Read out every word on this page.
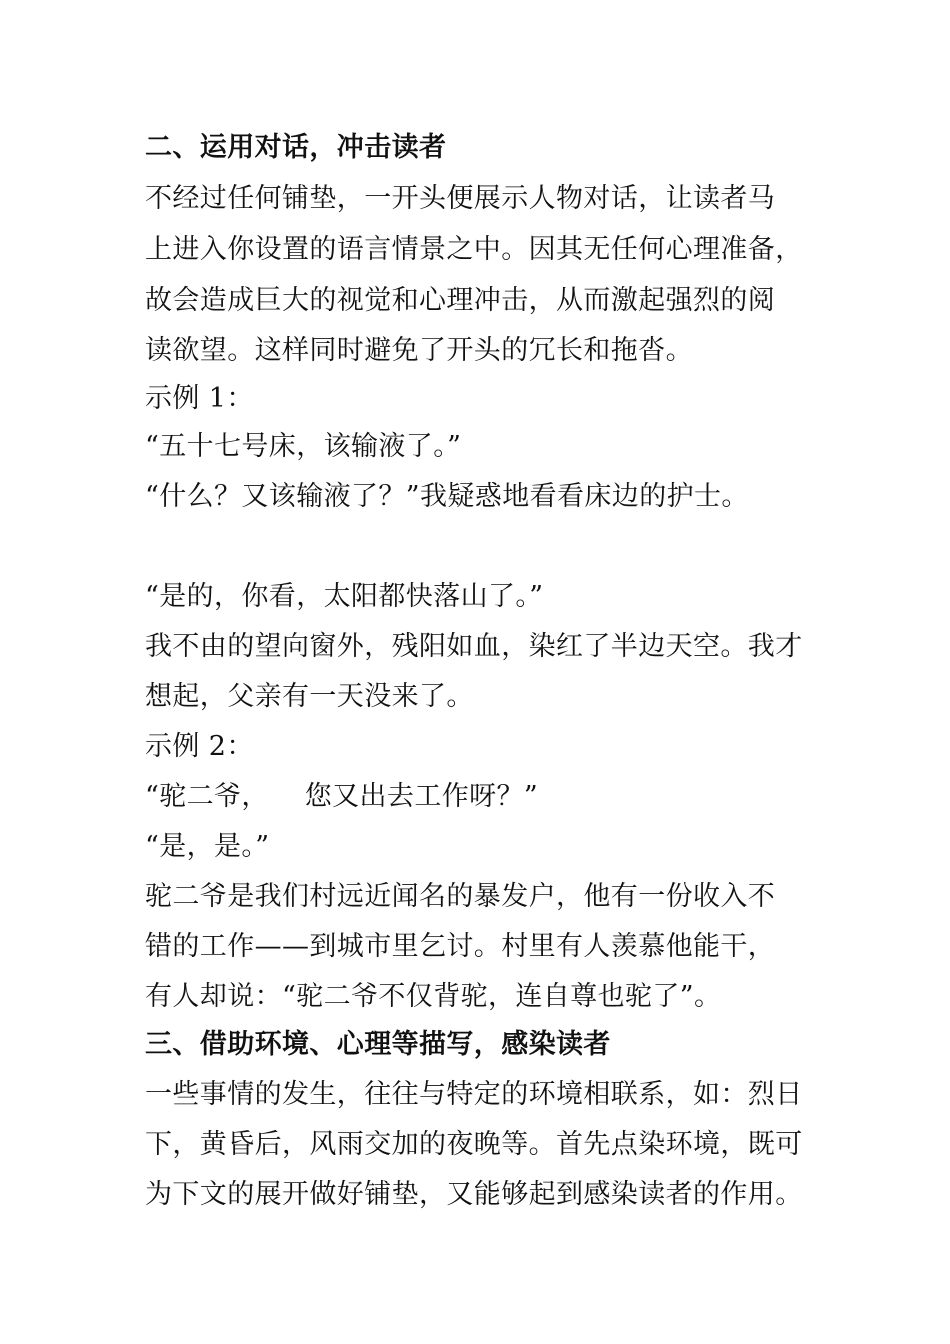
二、运用对话，冲击读者
不经过任何铺垫，一开头便展示人物对话，让读者马
上进入你设置的语言情景之中。因其无任何心理准备，
故会造成巨大的视觉和心理冲击，从而激起强烈的阅
读欲望。这样同时避免了开头的冗长和拖沓。
示例 1：
“五十七号床，该输液了。”
“什么？又该输液了？”我疑惑地看看床边的护士。
“是的，你看，太阳都快落山了。”
我不由的望向窗外，残阳如血，染红了半边天空。我才
想起，父亲有一天没来了。
示例 2：
“驼二爷，    您又出去工作呀？”
“是，是。”
驼二爷是我们村远近闻名的暴发户，他有一份收入不
错的工作——到城市里乞讨。村里有人羡慕他能干，
有人却说：“驼二爷不仅背驼，连自尊也驼了”。
三、借助环境、心理等描写，感染读者
一些事情的发生，往往与特定的环境相联系，如：烈日
下，黄昏后，风雨交加的夜晚等。首先点染环境，既可
为下文的展开做好铺垫，又能够起到感染读者的作用。
